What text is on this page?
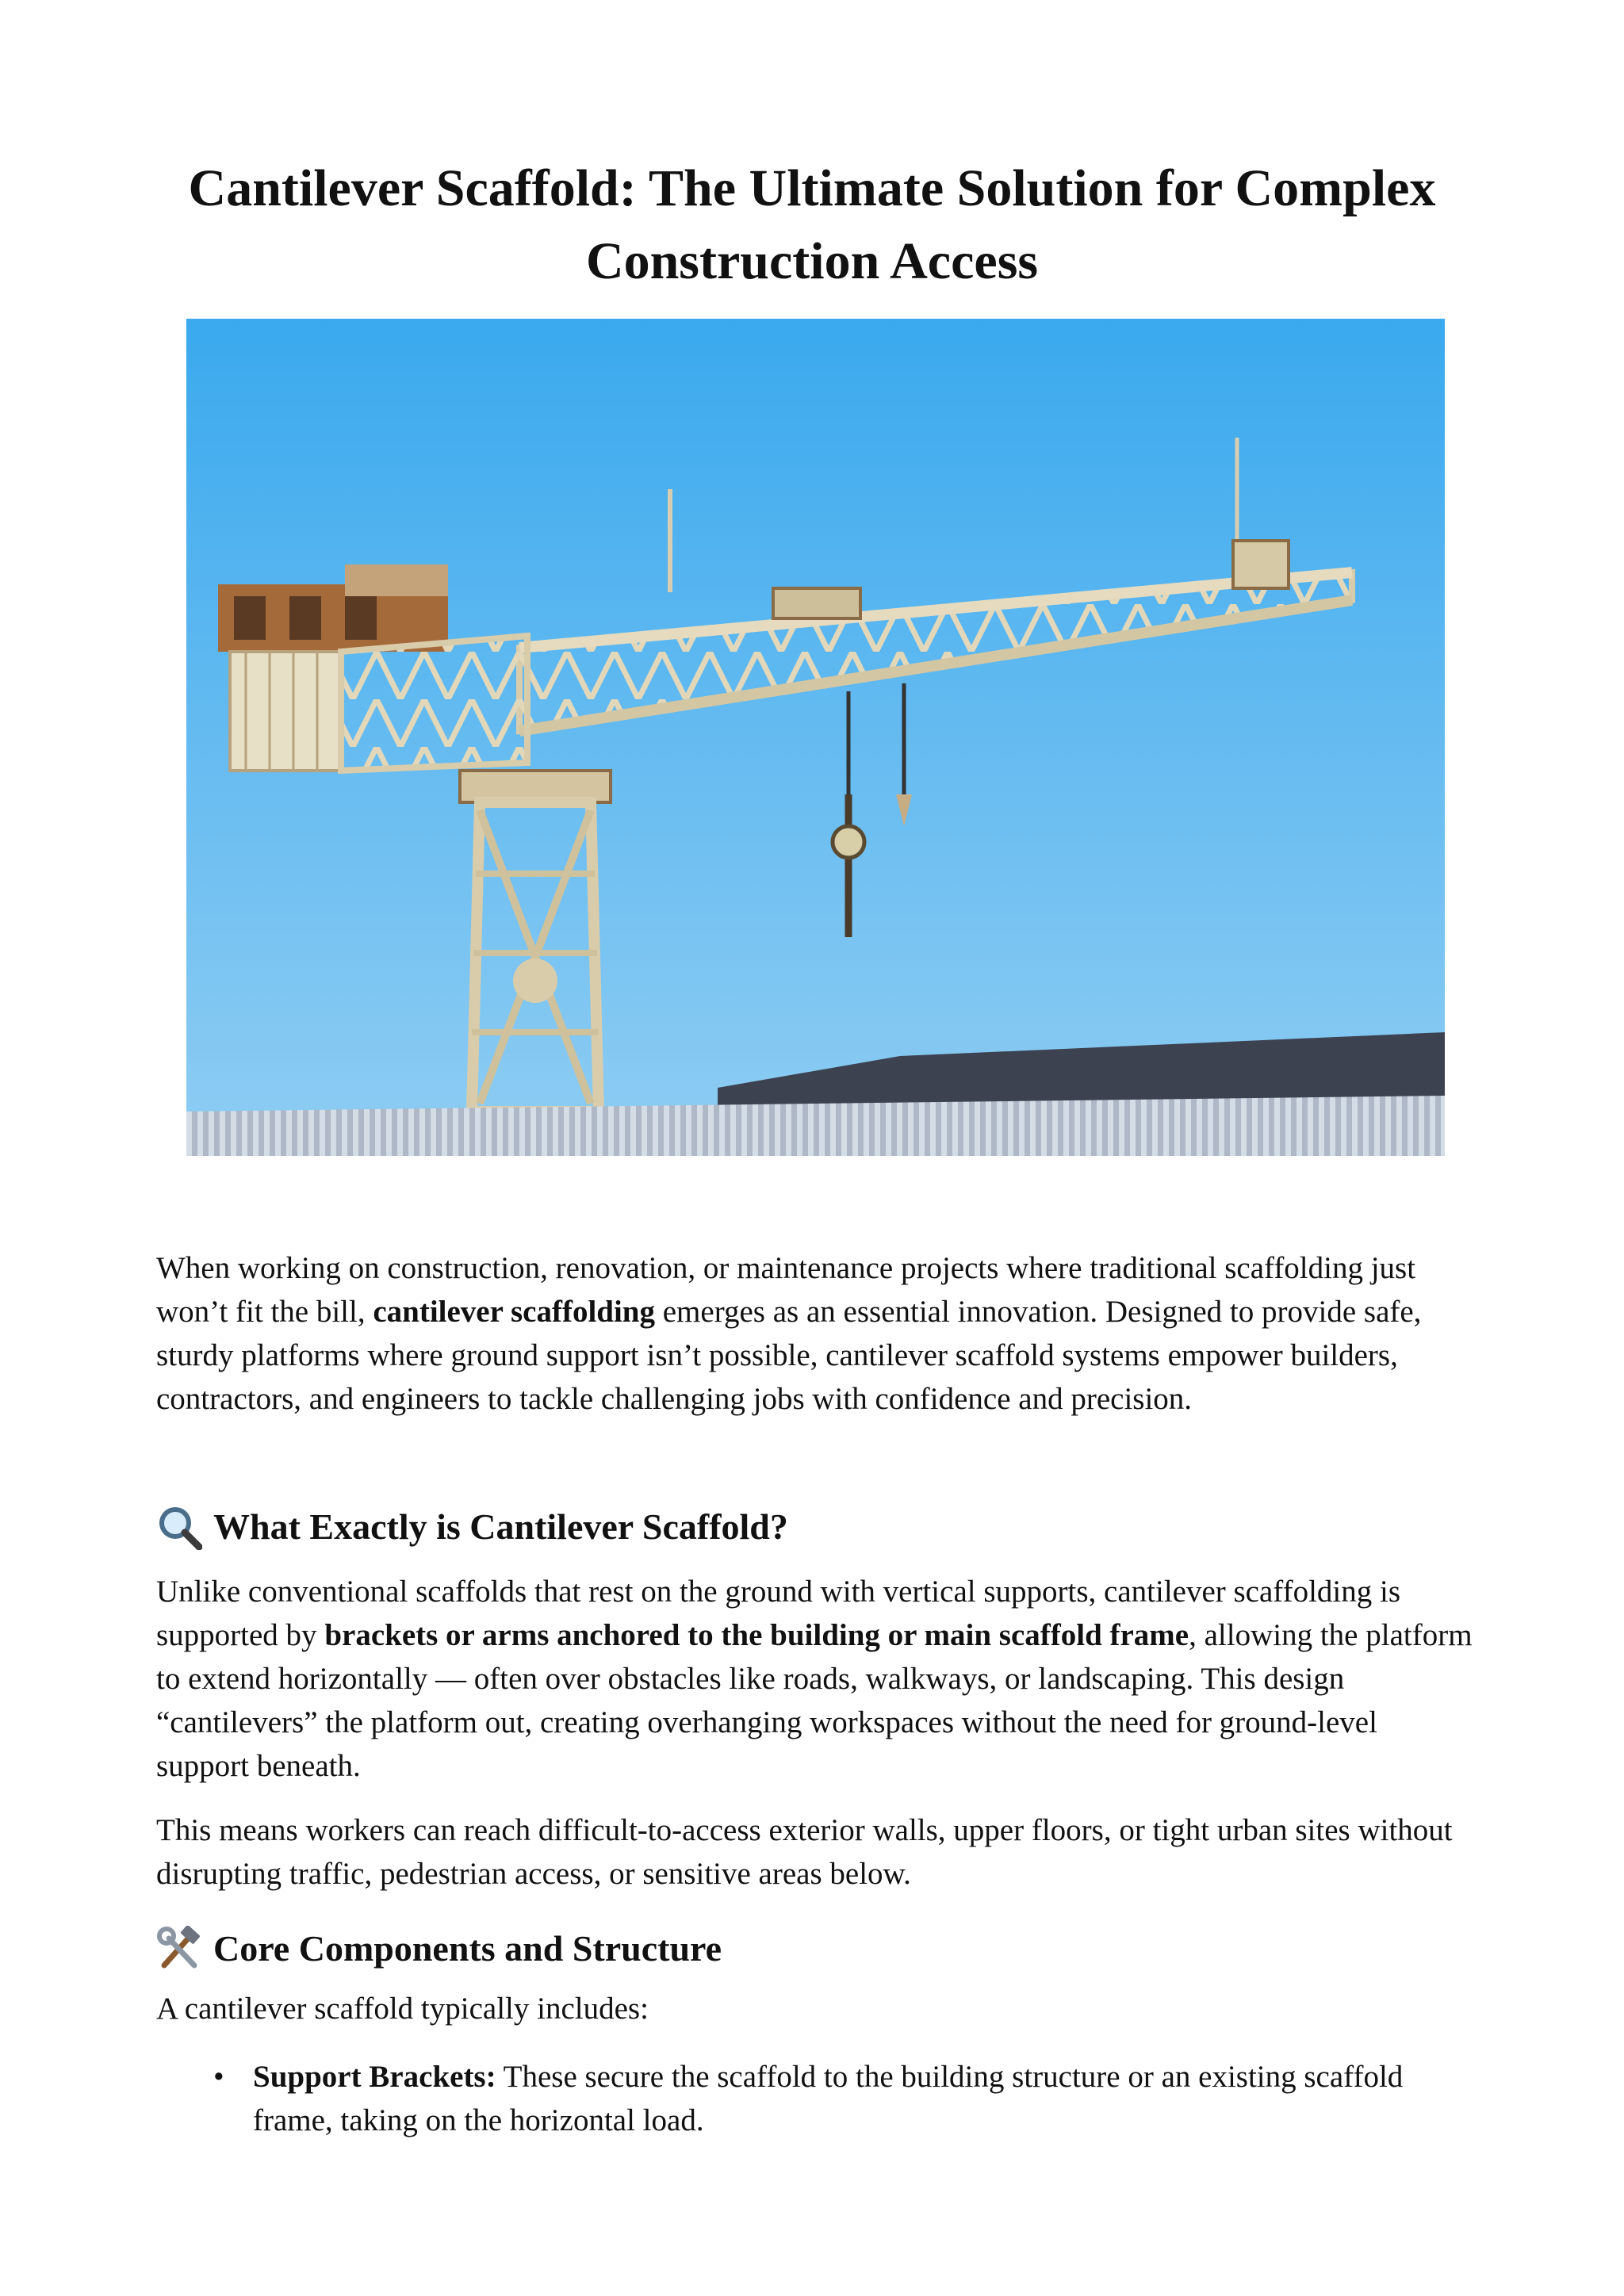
Cantilever Scaffold: The Ultimate Solution for Complex Construction Access

When working on construction, renovation, or maintenance projects where traditional scaffolding just won’t fit the bill, cantilever scaffolding emerges as an essential innovation. Designed to provide safe, sturdy platforms where ground support isn’t possible, cantilever scaffold systems empower builders, contractors, and engineers to tackle challenging jobs with confidence and precision.

What Exactly is Cantilever Scaffold?

Unlike conventional scaffolds that rest on the ground with vertical supports, cantilever scaffolding is supported by brackets or arms anchored to the building or main scaffold frame, allowing the platform to extend horizontally — often over obstacles like roads, walkways, or landscaping. This design “cantilevers” the platform out, creating overhanging workspaces without the need for ground-level support beneath.

This means workers can reach difficult-to-access exterior walls, upper floors, or tight urban sites without disrupting traffic, pedestrian access, or sensitive areas below.

Core Components and Structure

A cantilever scaffold typically includes:

• Support Brackets: These secure the scaffold to the building structure or an existing scaffold frame, taking on the horizontal load.
